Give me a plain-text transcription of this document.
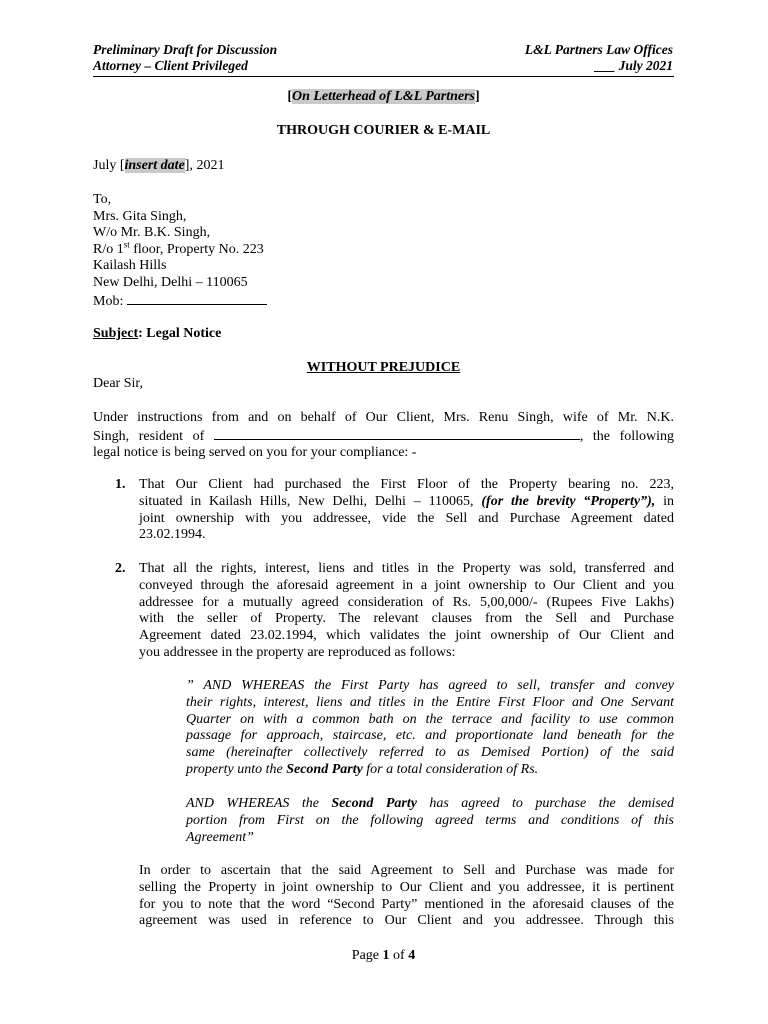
Preliminary Draft for Discussion
Attorney – Client Privileged
L&L Partners Law Offices
___ July 2021
[On Letterhead of L&L Partners]
THROUGH COURIER & E-MAIL
July [insert date], 2021
To,
Mrs. Gita Singh,
W/o Mr. B.K. Singh,
R/o 1st floor, Property No. 223
Kailash Hills
New Delhi, Delhi – 110065
Mob:
Subject: Legal Notice
WITHOUT PREJUDICE
Dear Sir,
Under instructions from and on behalf of Our Client, Mrs. Renu Singh, wife of Mr. N.K.
Singh, resident of	, the following
legal notice is being served on you for your compliance: -
1. That Our Client had purchased the First Floor of the Property bearing no. 223,
situated in Kailash Hills, New Delhi, Delhi – 110065, (for the brevity “Property”), in
joint ownership with you addressee, vide the Sell and Purchase Agreement dated
23.02.1994.
2. That all the rights, interest, liens and titles in the Property was sold, transferred and
conveyed through the aforesaid agreement in a joint ownership to Our Client and you
addressee for a mutually agreed consideration of Rs. 5,00,000/- (Rupees Five Lakhs)
with the seller of Property. The relevant clauses from the Sell and Purchase
Agreement dated 23.02.1994, which validates the joint ownership of Our Client and
you addressee in the property are reproduced as follows:
” AND WHEREAS the First Party has agreed to sell, transfer and convey
their rights, interest, liens and titles in the Entire First Floor and One Servant
Quarter on with a common bath on the terrace and facility to use common
passage for approach, staircase, etc. and proportionate land beneath for the
same (hereinafter collectively referred to as Demised Portion) of the said
property unto the Second Party for a total consideration of Rs.
AND WHEREAS the Second Party has agreed to purchase the demised
portion from First on the following agreed terms and conditions of this
Agreement”
In order to ascertain that the said Agreement to Sell and Purchase was made for
selling the Property in joint ownership to Our Client and you addressee, it is pertinent
for you to note that the word “Second Party” mentioned in the aforesaid clauses of the
agreement was used in reference to Our Client and you addressee. Through this
Page 1 of 4
